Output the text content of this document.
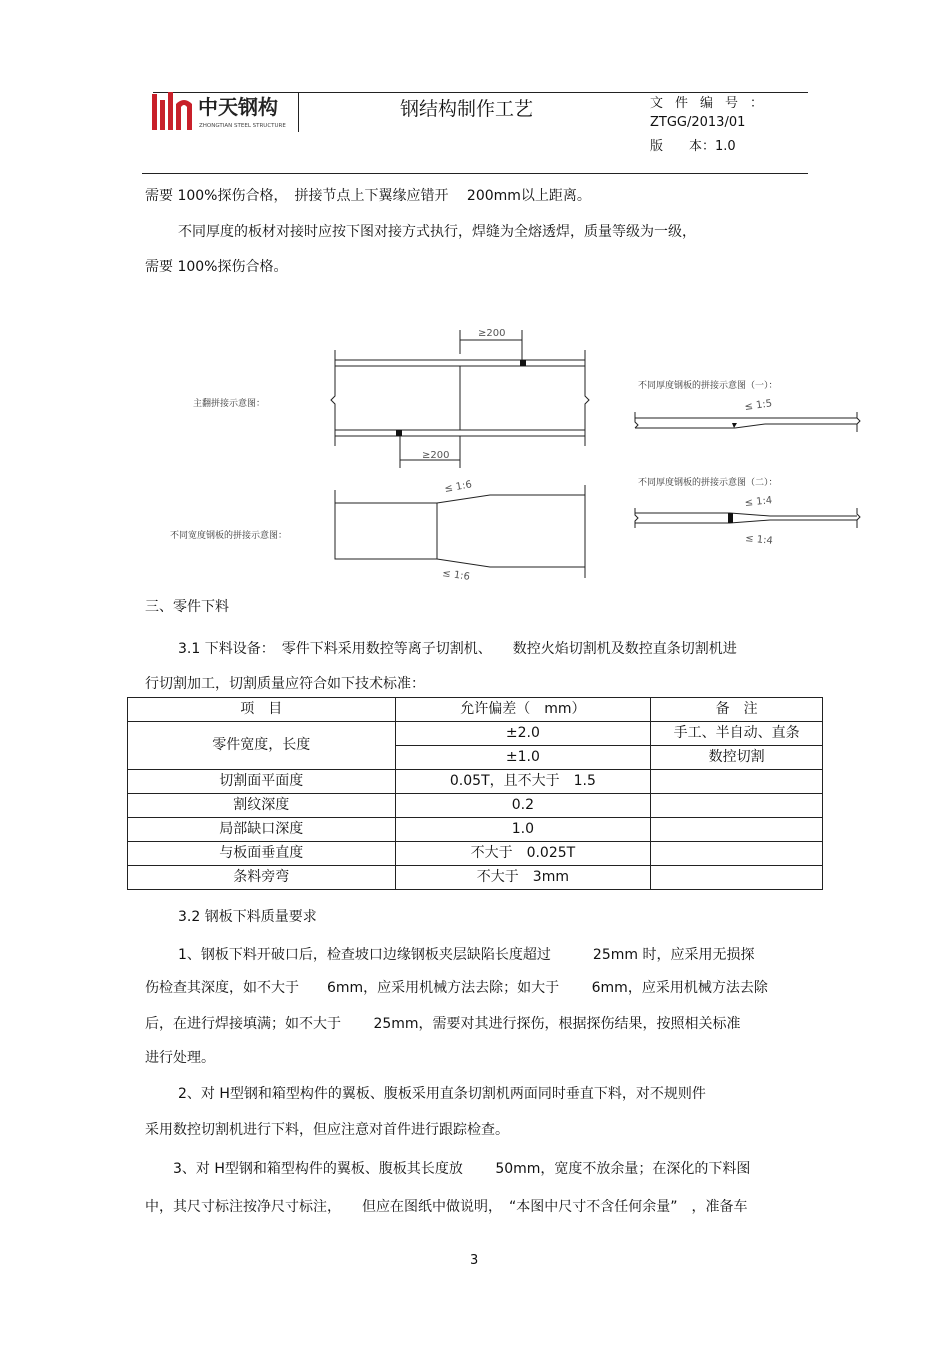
中天钢构
ZHONGTIAN STEEL STRUCTURE
钢结构制作工艺	文件编号：
ZTGG/2013/01
版　　本：1.0
需要 100%探伤合格，　拼接节点上下翼缘应错开　 200mm以上距离。
不同厚度的板材对接时应按下图对接方式执行，焊缝为全熔透焊，质量等级为一级，
需要 100%探伤合格。
≥200
≥200
≤ 1:6
≤ 1:6
≤ 1:5
≤ 1:4
≤ 1:4
主翻拼接示意图：
不同厚度钢板的拼接示意图（一）：
不同厚度钢板的拼接示意图（二）：
不同宽度钢板的拼接示意图：
三、零件下料
3.1 下料设备：　零件下料采用数控等离子切割机、　　数控火焰切割机及数控直条切割机进
行切割加工，切割质量应符合如下技术标准：
项　目	允许偏差（　mm）	备　注
零件宽度，长度	±2.0	手工、半自动、直条
	±1.0	数控切割
切割面平面度	0.05T，且不大于　1.5	
割纹深度	0.2	
局部缺口深度	1.0	
与板面垂直度	不大于　0.025T	
条料旁弯	不大于　3mm	
3.2 钢板下料质量要求
1、钢板下料开破口后，检查坡口边缘钢板夹层缺陷长度超过　　　25mm 时，应采用无损探
伤检查其深度，如不大于　　6mm，应采用机械方法去除；如大于　　 6mm，应采用机械方法去除
后，在进行焊接填满；如不大于　　 25mm，需要对其进行探伤，根据探伤结果，按照相关标准
进行处理。
2、对 H型钢和箱型构件的翼板、腹板采用直条切割机两面同时垂直下料，对不规则件
采用数控切割机进行下料，但应注意对首件进行跟踪检查。
3、对 H型钢和箱型构件的翼板、腹板其长度放　　 50mm，宽度不放余量；在深化的下料图
中，其尺寸标注按净尺寸标注，　　但应在图纸中做说明，　“本图中尺寸不含任何余量”　，准备车
3
